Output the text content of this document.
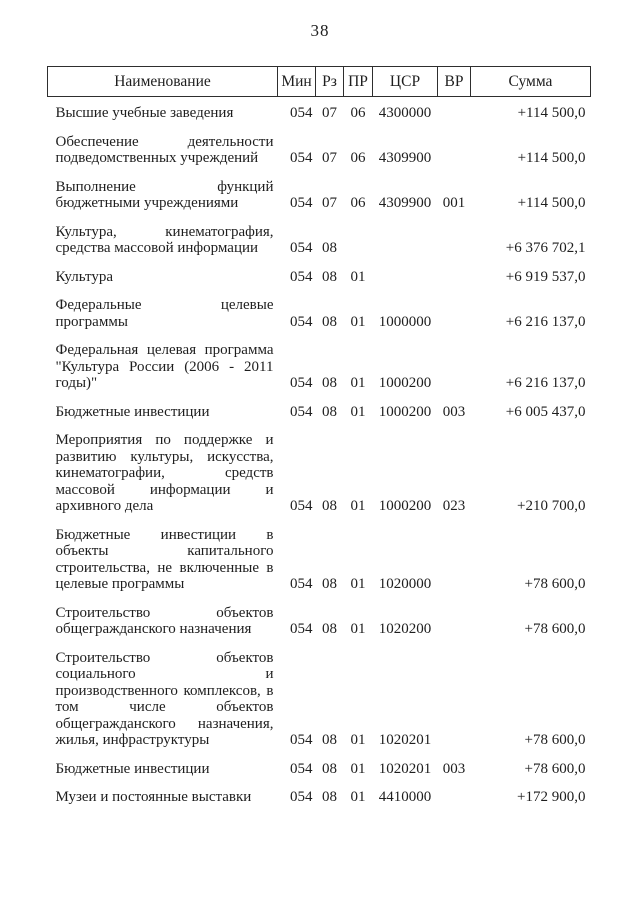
38
Наименование	Мин	Рз	ПР	ЦСР	ВР	Сумма
Высшие учебные заведения	054	07	06	4300000		+114 500,0
Обеспечение деятельности подведомственных учреждений	054	07	06	4309900		+114 500,0
Выполнение функций бюджетными учреждениями	054	07	06	4309900	001	+114 500,0
Культура, кинематография, средства массовой информации	054	08				+6 376 702,1
Культура	054	08	01			+6 919 537,0
Федеральные целевые программы	054	08	01	1000000		+6 216 137,0
Федеральная целевая программа "Культура России (2006 - 2011 годы)"	054	08	01	1000200		+6 216 137,0
Бюджетные инвестиции	054	08	01	1000200	003	+6 005 437,0
Мероприятия по поддержке и развитию культуры, искусства, кинематографии, средств массовой информации и архивного дела	054	08	01	1000200	023	+210 700,0
Бюджетные инвестиции в объекты капитального строительства, не включенные в целевые программы	054	08	01	1020000		+78 600,0
Строительство объектов общегражданского назначения	054	08	01	1020200		+78 600,0
Строительство объектов социального и производственного комплексов, в том числе объектов общегражданского назначения, жилья, инфраструктуры	054	08	01	1020201		+78 600,0
Бюджетные инвестиции	054	08	01	1020201	003	+78 600,0
Музеи и постоянные выставки	054	08	01	4410000		+172 900,0
